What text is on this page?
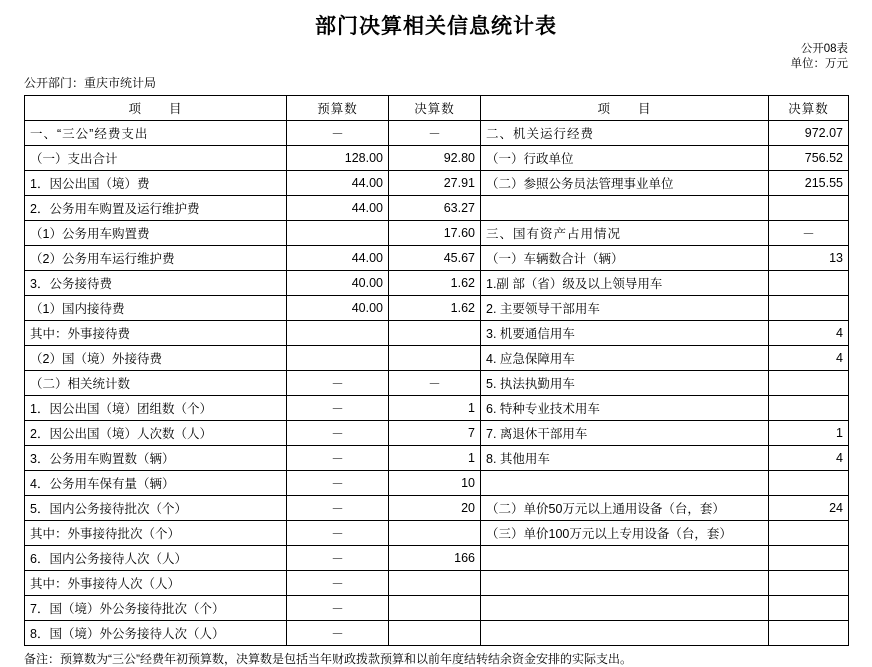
部门决算相关信息统计表
公开08表
单位：万元
公开部门：重庆市统计局
项　　目	预算数	决算数	项　　目	决算数
一、“三公”经费支出	－	－	二、机关运行经费	972.07
（一）支出合计	128.00	92.80	（一）行政单位	756.52
1．因公出国（境）费	44.00	27.91	（二）参照公务员法管理事业单位	215.55
2．公务用车购置及运行维护费	44.00	63.27		
（1）公务用车购置费		17.60	三、国有资产占用情况	－
（2）公务用车运行维护费	44.00	45.67	（一）车辆数合计（辆）	13
3．公务接待费	40.00	1.62	1.副 部（省）级及以上领导用车	
（1）国内接待费	40.00	1.62	2. 主要领导干部用车	
其中：外事接待费			3. 机要通信用车	4
（2）国（境）外接待费			4. 应急保障用车	4
（二）相关统计数	－	－	5. 执法执勤用车	
1．因公出国（境）团组数（个）	－	1	6. 特种专业技术用车	
2．因公出国（境）人次数（人）	－	7	7. 离退休干部用车	1
3．公务用车购置数（辆）	－	1	8. 其他用车	4
4．公务用车保有量（辆）	－	10		
5．国内公务接待批次（个）	－	20	（二）单价50万元以上通用设备（台，套）	24
其中：外事接待批次（个）	－		（三）单价100万元以上专用设备（台，套）	
6．国内公务接待人次（人）	－	166		
其中：外事接待人次（人）	－			
7．国（境）外公务接待批次（个）	－			
8．国（境）外公务接待人次（人）	－			
备注：预算数为“三公”经费年初预算数，决算数是包括当年财政拨款预算和以前年度结转结余资金安排的实际支出。
